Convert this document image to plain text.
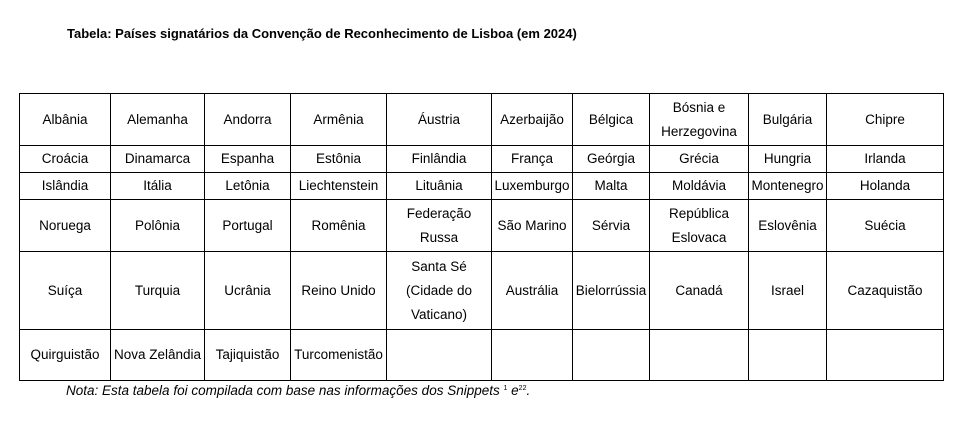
Tabela: Países signatários da Convenção de Reconhecimento de Lisboa (em 2024)
Albânia	Alemanha	Andorra	Armênia	Áustria	Azerbaijão	Bélgica	Bósnia e Herzegovina	Bulgária	Chipre
Croácia	Dinamarca	Espanha	Estônia	Finlândia	França	Geórgia	Grécia	Hungria	Irlanda
Islândia	Itália	Letônia	Liechtenstein	Lituânia	Luxemburgo	Malta	Moldávia	Montenegro	Holanda
Noruega	Polônia	Portugal	Romênia	Federação Russa	São Marino	Sérvia	República Eslovaca	Eslovênia	Suécia
Suíça	Turquia	Ucrânia	Reino Unido	Santa Sé (Cidade do Vaticano)	Austrália	Bielorrússia	Canadá	Israel	Cazaquistão
Quirguistão	Nova Zelândia	Tajiquistão	Turcomenistão						
Nota: Esta tabela foi compilada com base nas informações dos Snippets $^1$ $e^{22}$.
